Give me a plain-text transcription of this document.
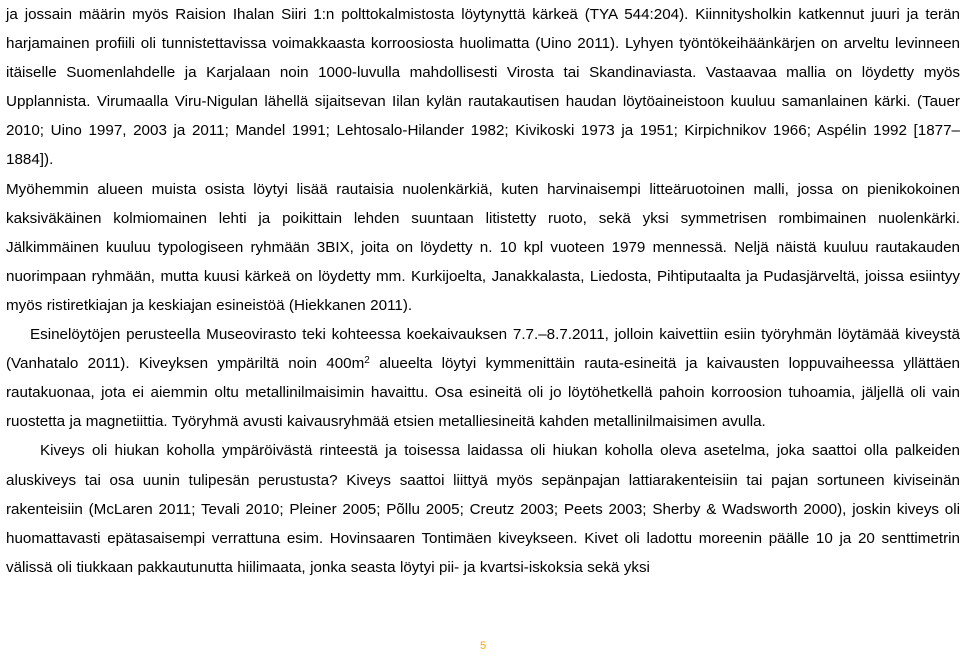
ja jossain määrin myös Raision Ihalan Siiri 1:n polttokalmistosta löytynyttä kärkeä (TYA 544:204). Kiinnitysholkin katkennut juuri ja terän harjamainen profiili oli tunnistettavissa voimakkaasta korroosiosta huolimatta (Uino 2011). Lyhyen työntökeihäänkärjen on arveltu levinneen itäiselle Suomenlahdelle ja Karjalaan noin 1000-luvulla mahdollisesti Virosta tai Skandinaviasta. Vastaavaa mallia on löydetty myös Upplannista. Virumaalla Viru-Nigulan lähellä sijaitsevan Iilan kylän rautakautisen haudan löytöaineistoon kuuluu samanlainen kärki. (Tauer 2010; Uino 1997, 2003 ja 2011; Mandel 1991; Lehtosalo-Hilander 1982; Kivikoski 1973 ja 1951; Kirpichnikov 1966; Aspélin 1992 [1877–1884]).

Myöhemmin alueen muista osista löytyi lisää rautaisia nuolenkärkiä, kuten harvinaisempi litteäruotoinen malli, jossa on pienikokoinen kaksiväkäinen kolmiomainen lehti ja poikittain lehden suuntaan litistetty ruoto, sekä yksi symmetrisen rombimainen nuolenkärki. Jälkimmäinen kuuluu typologiseen ryhmään 3BIX, joita on löydetty n. 10 kpl vuoteen 1979 mennessä. Neljä näistä kuuluu rautakauden nuorimpaan ryhmään, mutta kuusi kärkeä on löydetty mm. Kurkijoelta, Janakkalasta, Liedosta, Pihtiputaalta ja Pudasjärveltä, joissa esiintyy myös ristiretkiajan ja keskiajan esineistöä (Hiekkanen 2011).

Esinelöytöjen perusteella Museovirasto teki kohteessa koekaivauksen 7.7.–8.7.2011, jolloin kaivettiin esiin työryhmän löytämää kiveystä (Vanhatalo 2011). Kiveyksen ympäriltä noin $400m^2$ alueelta löytyi kymmenittäin rauta-esineitä ja kaivausten loppuvaiheessa yllättäen rautakuonaa, jota ei aiemmin oltu metallinilmaisimin havaittu. Osa esineitä oli jo löytöhetkellä pahoin korroosion tuhoamia, jäljellä oli vain ruostetta ja magnetiittia. Työryhmä avusti kaivausryhmää etsien metalliesineitä kahden metallinilmaisimen avulla.

Kiveys oli hiukan koholla ympäröivästä rinteestä ja toisessa laidassa oli hiukan koholla oleva asetelma, joka saattoi olla palkeiden aluskiveys tai osa uunin tulipesän perustusta? Kiveys saattoi liittyä myös sepänpajan lattiarakenteisiin tai pajan sortuneen kiviseinän rakenteisiin (McLaren 2011; Tevali 2010; Pleiner 2005; Põllu 2005; Creutz 2003; Peets 2003; Sherby & Wadsworth 2000), joskin kiveys oli huomattavasti epätasaisempi verrattuna esim. Hovinsaaren Tontimäen kiveykseen. Kivet oli ladottu moreenin päälle 10 ja 20 senttimetrin välissä oli tiukkaan pakkautunutta hiilimaata, jonka seasta löytyi pii- ja kvartsi-iskoksia sekä yksi

5
